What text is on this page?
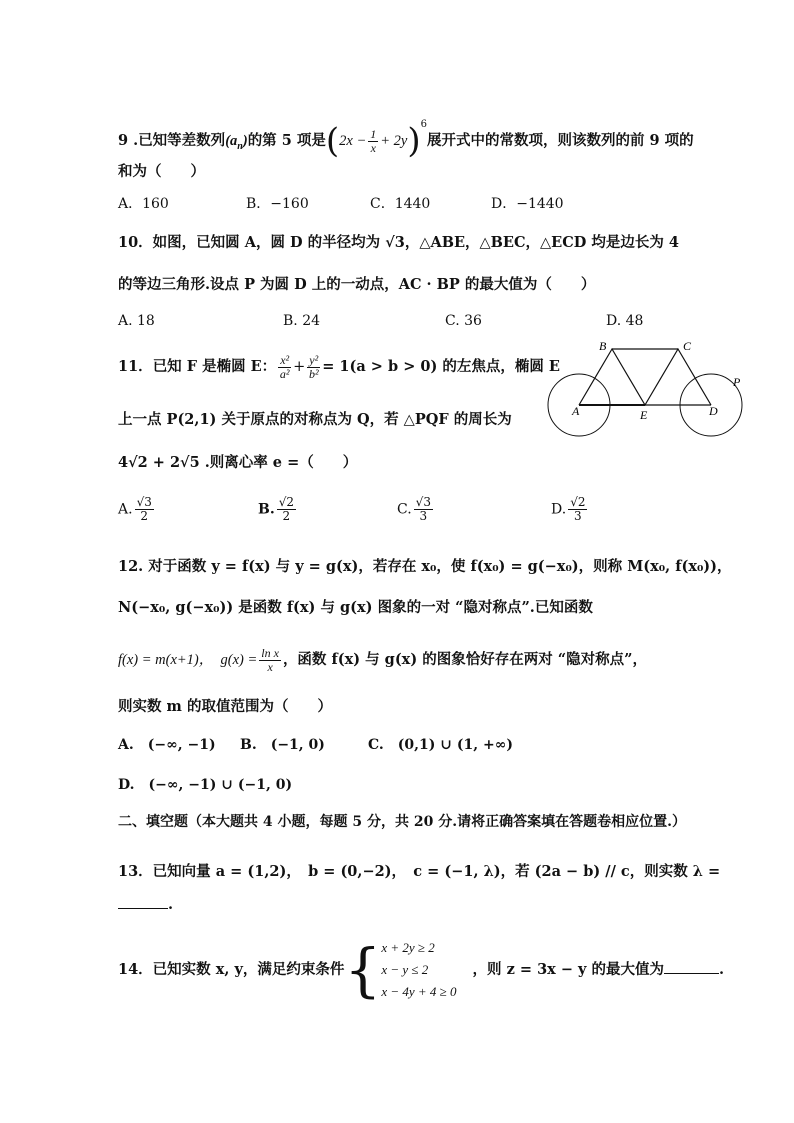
9 .已知等差数列$(a_n)$的第 5 项是$(2x - \frac{1}{x} + 2y)^6$展开式中的常数项，则该数列的前 9 项的
和为（　　）
A．160	B．−160	C．1440	D．−1440
10．如图，已知圆 A，圆 D 的半径均为 √3，△ABE，△BEC，△ECD 均是边长为 4
的等边三角形.设点 P 为圆 D 上的一动点，AC · BP 的最大值为（　　）
A. 18	B. 24	C. 36	D. 48
11．已知 F 是椭圆 E： $\frac{\text{x²}}{\text{a²}} + \frac{\text{y²}}{\text{b²}} = 1(a > b > 0)$ 的左焦点，椭圆 E
上一点 P(2,1) 关于原点的对称点为 Q，若 △PQF 的周长为
4√2 + 2√5 .则离心率 e =（　　）
A. $\frac{√3}{2}$	B. $\frac{√2}{2}$	C. $\frac{√3}{3}$	D. $\frac{√2}{3}$
B	C
A	E	D
P
12. 对于函数 y = f(x) 与 y = g(x)，若存在 x₀，使 f(x₀) = g(−x₀)，则称 M(x₀, f(x₀))，
N(−x₀, g(−x₀)) 是函数 f(x) 与 g(x) 图象的一对 “隐对称点”.已知函数
f(x) = m(x+1)，　$g(x) = \frac{\text{ln x}}{x}$ ，函数 f(x) 与 g(x) 的图象恰好存在两对 “隐对称点”，
则实数 m 的取值范围为（　　）
A.　(−∞, −1) B.　(−1, 0)	C.　(0,1) ∪ (1, +∞)
D.　(−∞, −1) ∪ (−1, 0)
二、填空题（本大题共 4 小题，每题 5 分，共 20 分.请将正确答案填在答题卷相应位置.）
13．已知向量 a = (1,2)，　b = (0,−2)，　c = (−1, λ)，若 (2a − b) // c，则实数 λ =
.
14．已知实数 x, y，满足约束条件{ x + 2y ≥ 2
x − y ≤ 2
x − 4y + 4 ≥ 0
，则 z = 3x − y 的最大值为	.
